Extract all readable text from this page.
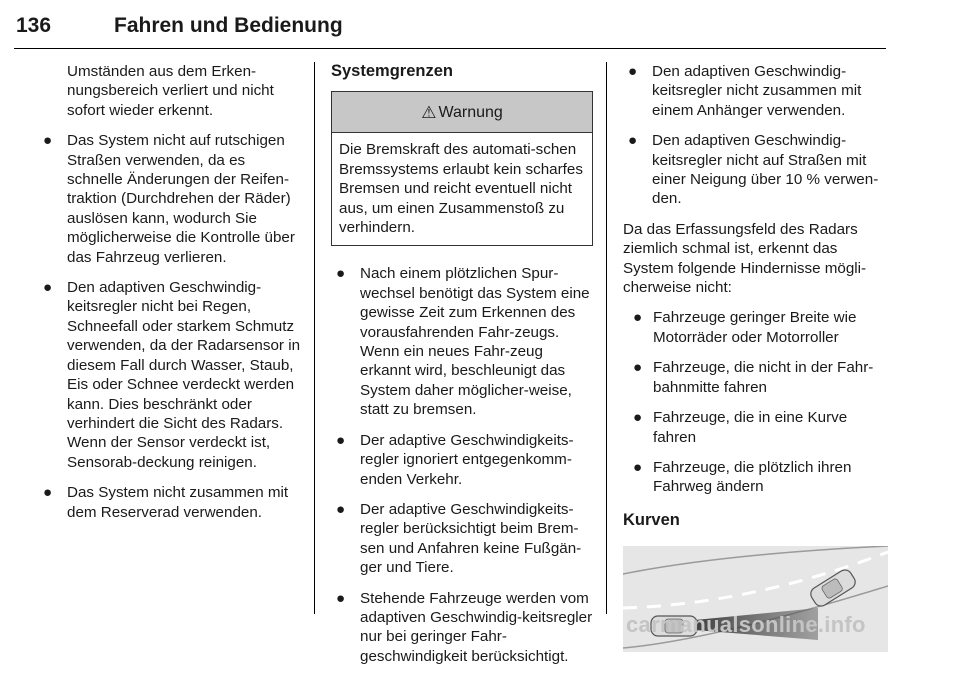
136	Fahren und Bedienung

Umständen aus dem Erken-nungsbereich verliert und nicht sofort wieder erkennt.

● Das System nicht auf rutschigen Straßen verwenden, da es schnelle Änderungen der Reifen-traktion (Durchdrehen der Räder) auslösen kann, wodurch Sie möglicherweise die Kontrolle über das Fahrzeug verlieren.
● Den adaptiven Geschwindig-keitsregler nicht bei Regen, Schneefall oder starkem Schmutz verwenden, da der Radarsensor in diesem Fall durch Wasser, Staub, Eis oder Schnee verdeckt werden kann. Dies beschränkt oder verhindert die Sicht des Radars. Wenn der Sensor verdeckt ist, Sensorab-deckung reinigen.
● Das System nicht zusammen mit dem Reserverad verwenden.
Systemgrenzen
⚠ Warnung
Die Bremskraft des automati-schen Bremssystems erlaubt kein scharfes Bremsen und reicht eventuell nicht aus, um einen Zusammenstoß zu verhindern.
● Nach einem plötzlichen Spur-wechsel benötigt das System eine gewisse Zeit zum Erkennen des vorausfahrenden Fahr-zeugs. Wenn ein neues Fahr-zeug erkannt wird, beschleunigt das System daher möglicher-weise, statt zu bremsen.
● Der adaptive Geschwindigkeits-regler ignoriert entgegenkomm-enden Verkehr.
● Der adaptive Geschwindigkeits-regler berücksichtigt beim Brem-sen und Anfahren keine Fußgän-ger und Tiere.
● Stehende Fahrzeuge werden vom adaptiven Geschwindig-keitsregler nur bei geringer Fahr-geschwindigkeit berücksichtigt.
● Den adaptiven Geschwindig-keitsregler nicht zusammen mit einem Anhänger verwenden.
● Den adaptiven Geschwindig-keitsregler nicht auf Straßen mit einer Neigung über 10 % verwen-den.

Da das Erfassungsfeld des Radars ziemlich schmal ist, erkennt das System folgende Hindernisse mögli-cherweise nicht:

● Fahrzeuge geringer Breite wie Motorräder oder Motorroller
● Fahrzeuge, die nicht in der Fahr-bahnmitte fahren
● Fahrzeuge, die in eine Kurve fahren
● Fahrzeuge, die plötzlich ihren Fahrweg ändern
Kurven
carmanualsonline.info
